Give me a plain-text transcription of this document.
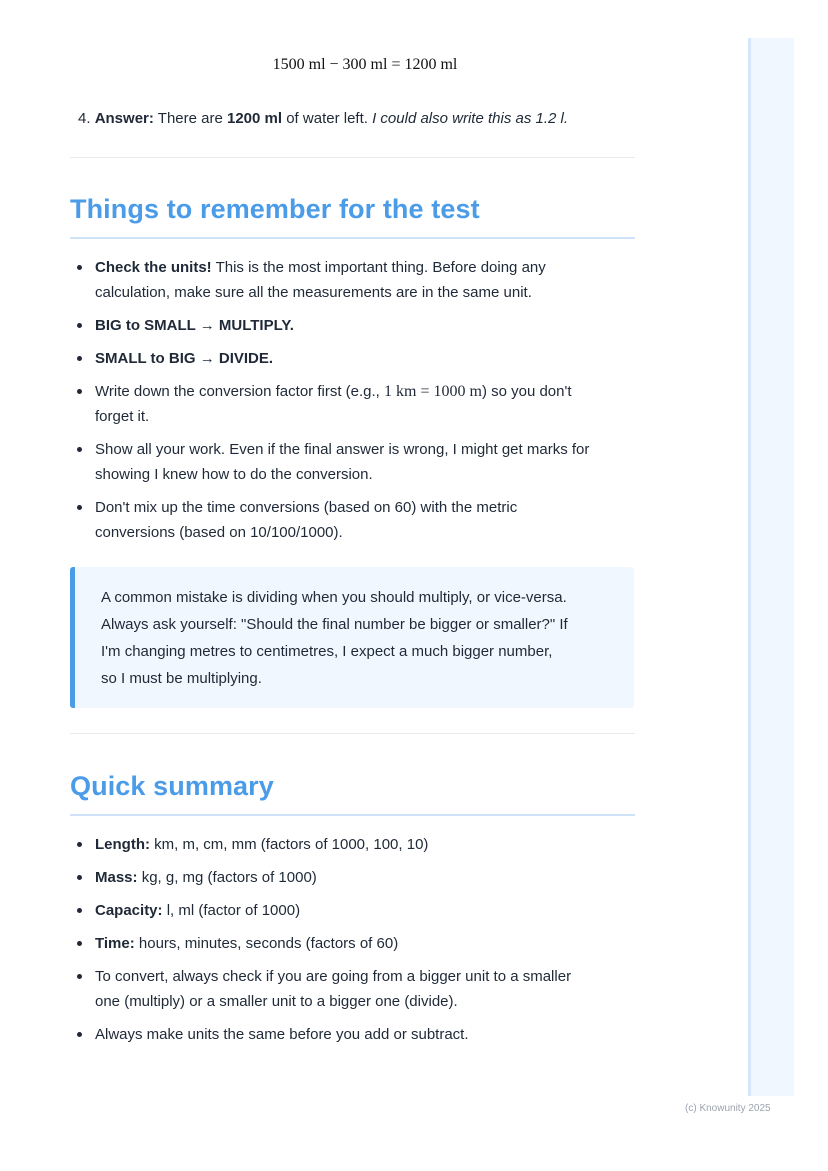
1500 ml − 300 ml = 1200 ml
4. Answer: There are 1200 ml of water left. I could also write this as 1.2 l.
Things to remember for the test
Check the units! This is the most important thing. Before doing any
calculation, make sure all the measurements are in the same unit.
BIG to SMALL → MULTIPLY.
SMALL to BIG → DIVIDE.
Write down the conversion factor first (e.g., 1 km = 1000 m) so you don't
forget it.
Show all your work. Even if the final answer is wrong, I might get marks for
showing I knew how to do the conversion.
Don't mix up the time conversions (based on 60) with the metric
conversions (based on 10/100/1000).
A common mistake is dividing when you should multiply, or vice-versa.
Always ask yourself: "Should the final number be bigger or smaller?" If
I'm changing metres to centimetres, I expect a much bigger number,
so I must be multiplying.
Quick summary
Length: km, m, cm, mm (factors of 1000, 100, 10)
Mass: kg, g, mg (factors of 1000)
Capacity: l, ml (factor of 1000)
Time: hours, minutes, seconds (factors of 60)
To convert, always check if you are going from a bigger unit to a smaller
one (multiply) or a smaller unit to a bigger one (divide).
Always make units the same before you add or subtract.
(c) Knowunity 2025
